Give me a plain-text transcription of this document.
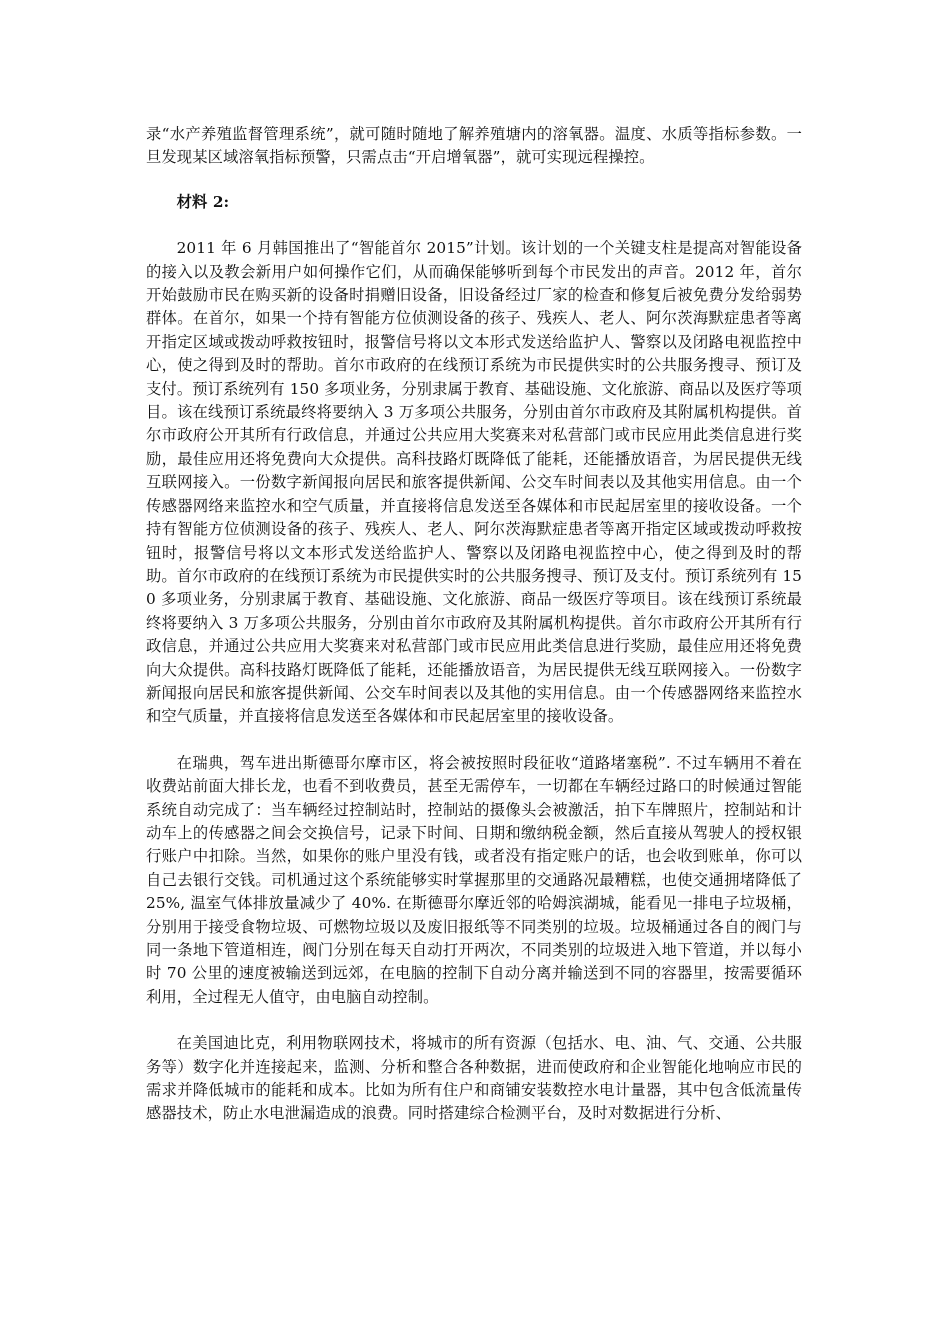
录“水产养殖监督管理系统”，就可随时随地了解养殖塘内的溶氧器。温度、水质等指标参数。一旦发现某区域溶氧指标预警，只需点击“开启增氧器”，就可实现远程操控。

材料 2:

2011 年 6 月韩国推出了“智能首尔 2015”计划。该计划的一个关键支柱是提高对智能设备的接入以及教会新用户如何操作它们，从而确保能够听到每个市民发出的声音。2012 年，首尔开始鼓励市民在购买新的设备时捐赠旧设备，旧设备经过厂家的检查和修复后被免费分发给弱势群体。在首尔，如果一个持有智能方位侦测设备的孩子、残疾人、老人、阿尔茨海默症患者等离开指定区域或拨动呼救按钮时，报警信号将以文本形式发送给监护人、警察以及闭路电视监控中心，使之得到及时的帮助。首尔市政府的在线预订系统为市民提供实时的公共服务搜寻、预订及支付。预订系统列有 150 多项业务，分别隶属于教育、基础设施、文化旅游、商品以及医疗等项目。该在线预订系统最终将要纳入 3 万多项公共服务，分别由首尔市政府及其附属机构提供。首尔市政府公开其所有行政信息，并通过公共应用大奖赛来对私营部门或市民应用此类信息进行奖励，最佳应用还将免费向大众提供。高科技路灯既降低了能耗，还能播放语音，为居民提供无线互联网接入。一份数字新闻报向居民和旅客提供新闻、公交车时间表以及其他实用信息。由一个传感器网络来监控水和空气质量，并直接将信息发送至各媒体和市民起居室里的接收设备。一个持有智能方位侦测设备的孩子、残疾人、老人、阿尔茨海默症患者等离开指定区域或拨动呼救按钮时，报警信号将以文本形式发送给监护人、警察以及闭路电视监控中心，使之得到及时的帮助。首尔市政府的在线预订系统为市民提供实时的公共服务搜寻、预订及支付。预订系统列有 150 多项业务，分别隶属于教育、基础设施、文化旅游、商品一级医疗等项目。该在线预订系统最终将要纳入 3 万多项公共服务，分别由首尔市政府及其附属机构提供。首尔市政府公开其所有行政信息，并通过公共应用大奖赛来对私营部门或市民应用此类信息进行奖励，最佳应用还将免费向大众提供。高科技路灯既降低了能耗，还能播放语音，为居民提供无线互联网接入。一份数字新闻报向居民和旅客提供新闻、公交车时间表以及其他的实用信息。由一个传感器网络来监控水和空气质量，并直接将信息发送至各媒体和市民起居室里的接收设备。

在瑞典，驾车进出斯德哥尔摩市区，将会被按照时段征收“道路堵塞税”. 不过车辆用不着在收费站前面大排长龙，也看不到收费员，甚至无需停车，一切都在车辆经过路口的时候通过智能系统自动完成了：当车辆经过控制站时，控制站的摄像头会被激活，拍下车牌照片，控制站和计动车上的传感器之间会交换信号，记录下时间、日期和缴纳税金额，然后直接从驾驶人的授权银行账户中扣除。当然，如果你的账户里没有钱，或者没有指定账户的话，也会收到账单，你可以自己去银行交钱。司机通过这个系统能够实时掌握那里的交通路况最糟糕，也使交通拥堵降低了 25%, 温室气体排放量减少了 40%. 在斯德哥尔摩近邻的哈姆滨湖城，能看见一排电子垃圾桶，分别用于接受食物垃圾、可燃物垃圾以及废旧报纸等不同类别的垃圾。垃圾桶通过各自的阀门与同一条地下管道相连，阀门分别在每天自动打开两次，不同类别的垃圾进入地下管道，并以每小时 70 公里的速度被输送到远郊，在电脑的控制下自动分离并输送到不同的容器里，按需要循环利用，全过程无人值守，由电脑自动控制。

在美国迪比克，利用物联网技术，将城市的所有资源（包括水、电、油、气、交通、公共服务等）数字化并连接起来，监测、分析和整合各种数据，进而使政府和企业智能化地响应市民的需求并降低城市的能耗和成本。比如为所有住户和商铺安装数控水电计量器，其中包含低流量传感器技术，防止水电泄漏造成的浪费。同时搭建综合检测平台，及时对数据进行分析、
